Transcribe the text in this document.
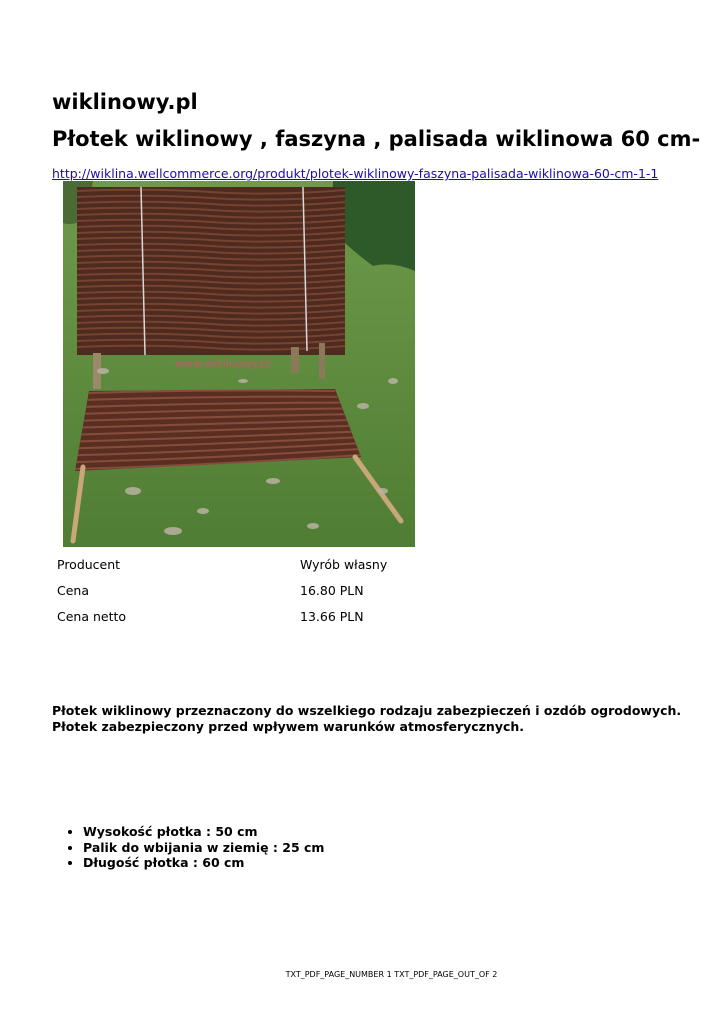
wiklinowy.pl
Płotek wiklinowy , faszyna , palisada wiklinowa 60 cm-
http://wiklina.wellcommerce.org/produkt/plotek-wiklinowy-faszyna-palisada-wiklinowa-60-cm-1-1
www.wiklinowy.pl
Producent	Wyrób własny
Cena	16.80 PLN
Cena netto	13.66 PLN

Płotek wiklinowy przeznaczony do wszelkiego rodzaju zabezpieczeń i ozdób ogrodowych.
Płotek zabezpieczony przed wpływem warunków atmosferycznych.

• Wysokość płotka : 50 cm
• Palik do wbijania w ziemię : 25 cm
• Długość płotka : 60 cm
TXT_PDF_PAGE_NUMBER 1 TXT_PDF_PAGE_OUT_OF 2
